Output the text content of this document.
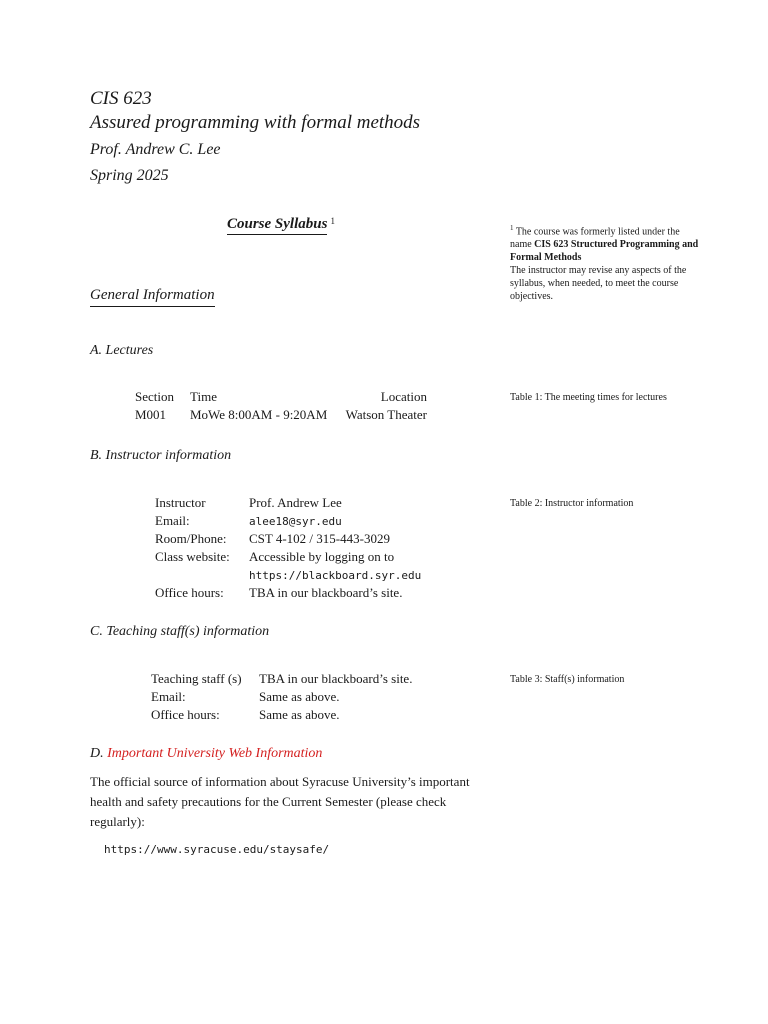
CIS 623
Assured programming with formal methods
Prof. Andrew C. Lee
Spring 2025
Course Syllabus $^1$
$^1$ The course was formerly listed under the name CIS 623 Structured Programming and Formal Methods
The instructor may revise any aspects of the syllabus, when needed, to meet the course objectives.
General Information
A. Lectures
Section	Time	Location
M001	MoWe 8:00AM - 9:20AM	Watson Theater
Table 1: The meeting times for lectures
B. Instructor information
Instructor	Prof. Andrew Lee
Email:	alee18@syr.edu
Room/Phone:	CST 4-102 / 315-443-3029
Class website:	Accessible by logging on to
	https://blackboard.syr.edu
Office hours:	TBA in our blackboard’s site.
Table 2: Instructor information
C. Teaching staff(s) information
Teaching staff (s)	TBA in our blackboard’s site.
Email:	Same as above.
Office hours:	Same as above.
Table 3: Staff(s) information
D. Important University Web Information
The official source of information about Syracuse University’s important health and safety precautions for the Current Semester (please check regularly):
https://www.syracuse.edu/staysafe/
